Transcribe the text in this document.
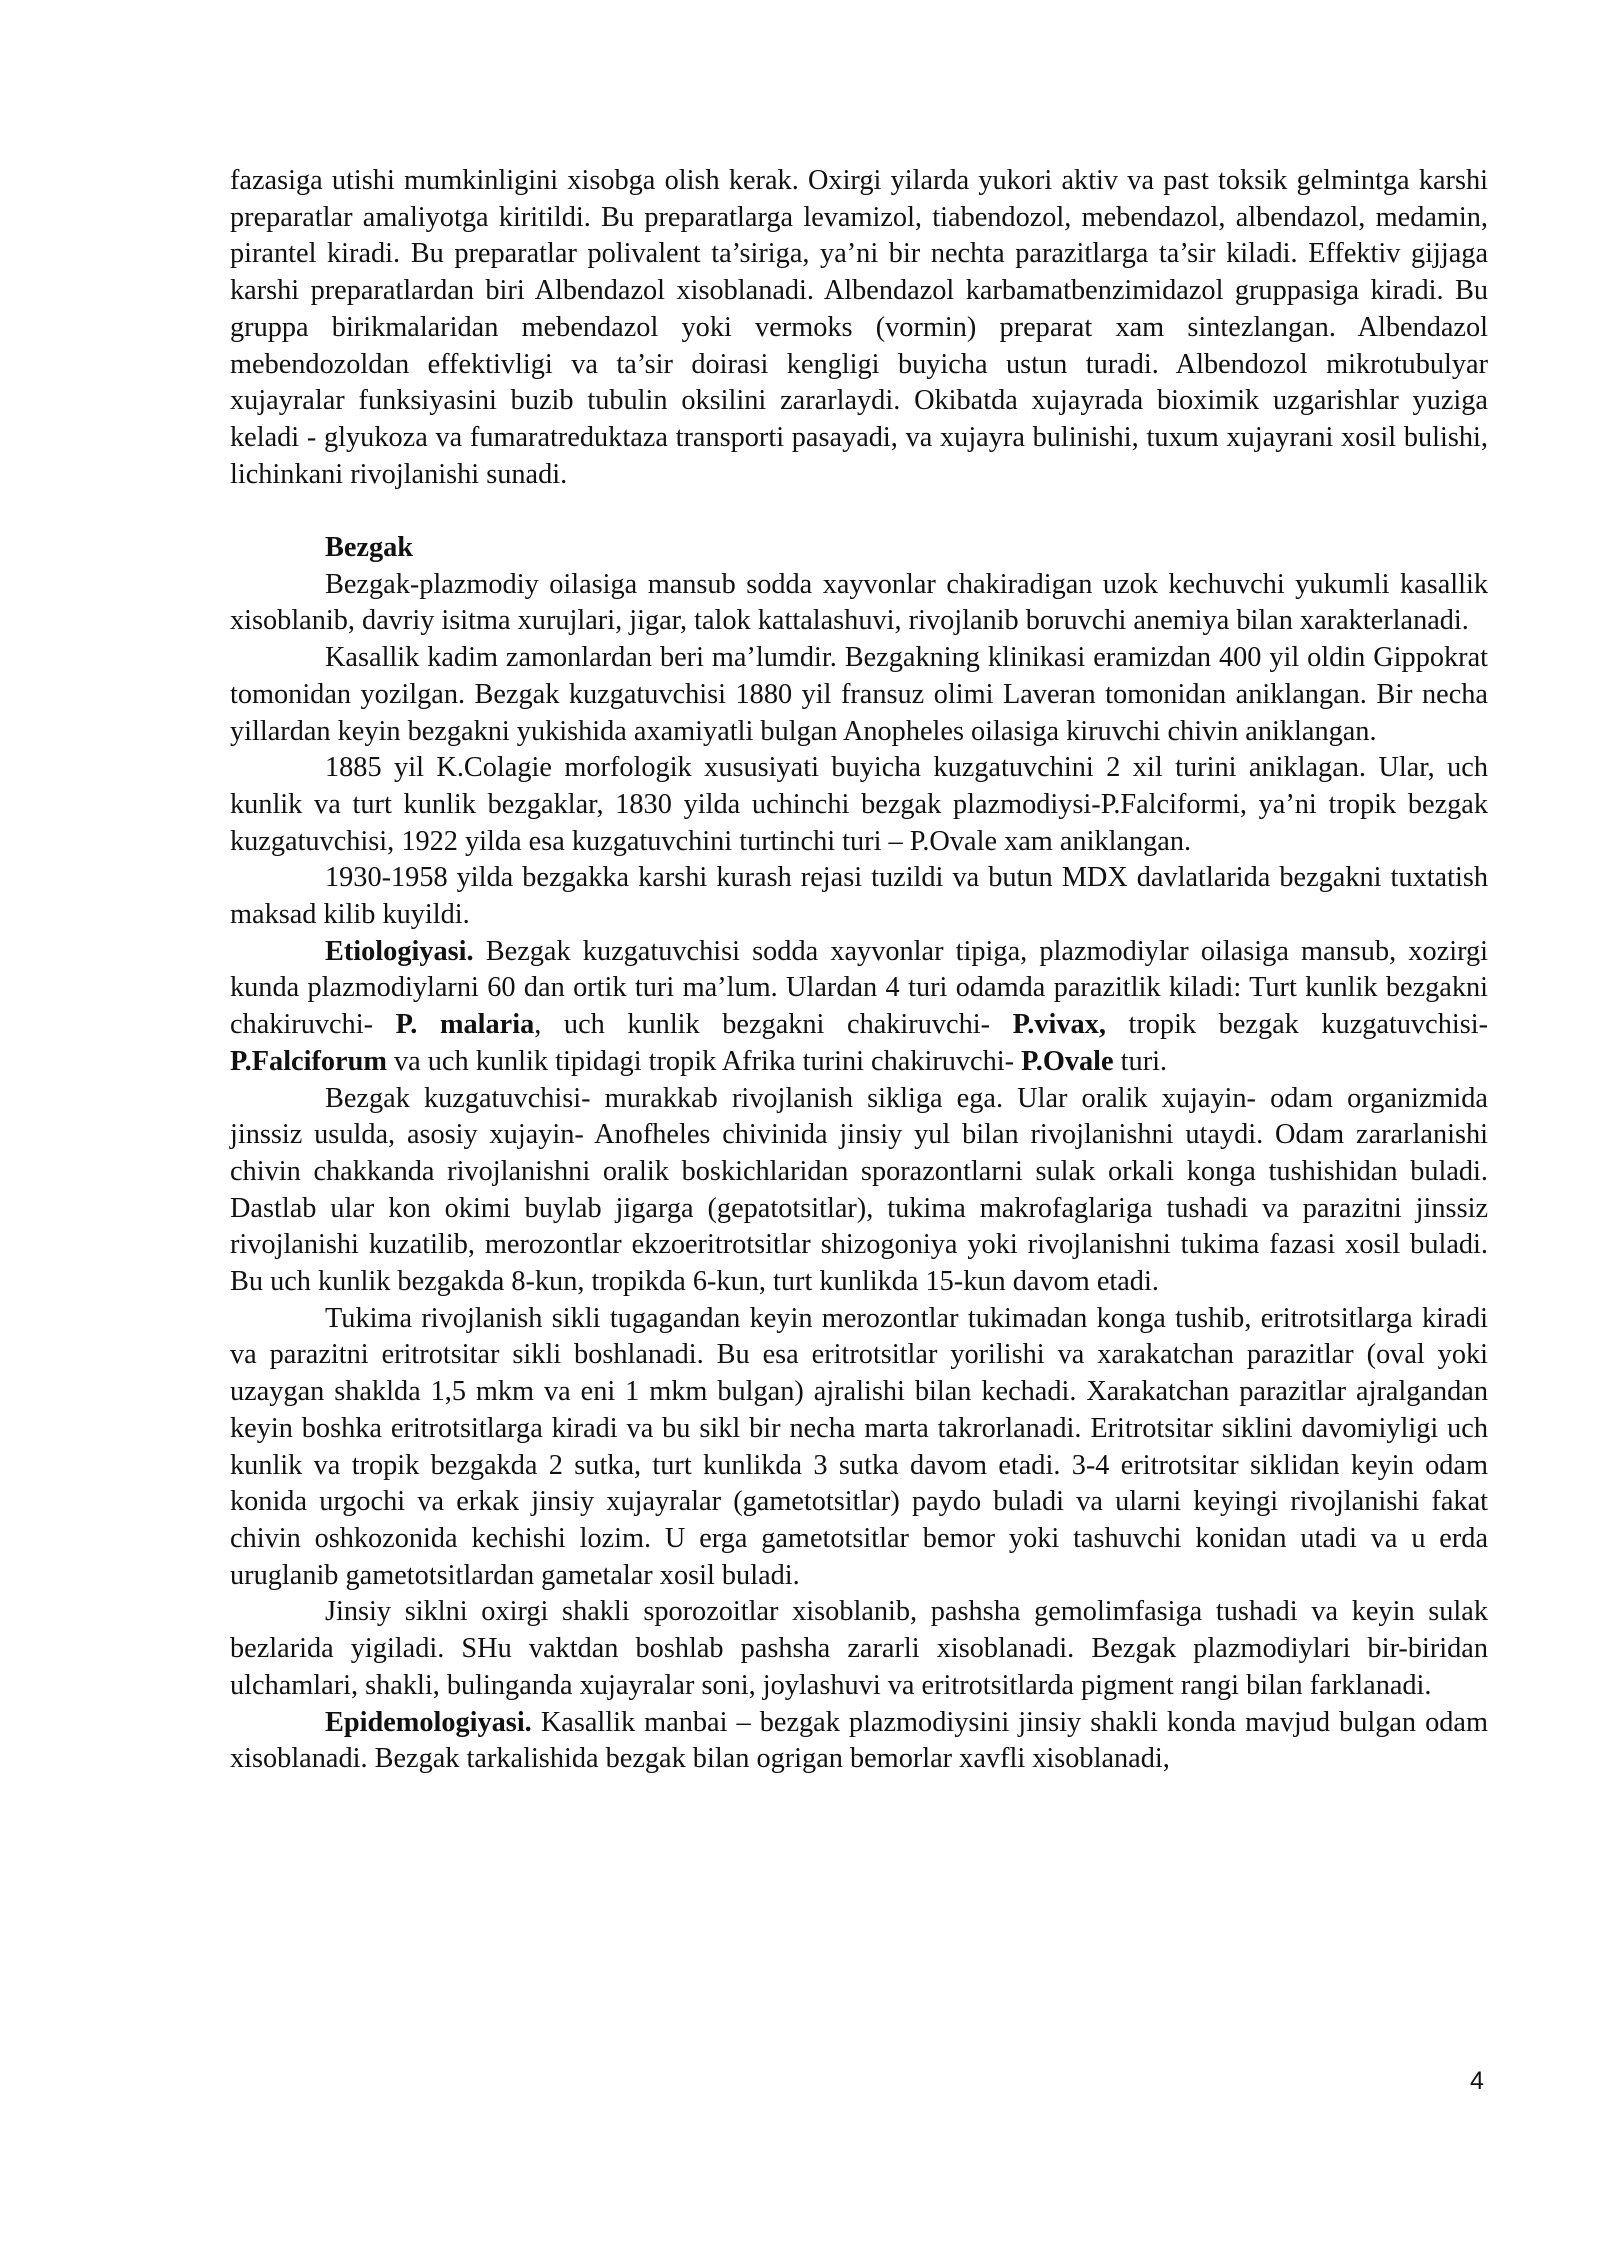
fazasiga utishi mumkinligini xisobga olish kerak. Oxirgi yilarda yukori aktiv va past toksik gelmintga karshi preparatlar amaliyotga kiritildi. Bu preparatlarga levamizol, tiabendozol, mebendazol, albendazol, medamin, pirantel kiradi. Bu preparatlar polivalent ta’siriga, ya’ni bir nechta parazitlarga ta’sir kiladi. Effektiv gijjaga karshi preparatlardan biri Albendazol xisoblanadi. Albendazol karbamatbenzimidazol gruppasiga kiradi. Bu gruppa birikmalaridan mebendazol yoki vermoks (vormin) preparat xam sintezlangan. Albendazol mebendozoldan effektivligi va ta’sir doirasi kengligi buyicha ustun turadi. Albendozol mikrotubulyar xujayralar funksiyasini buzib tubulin oksilini zararlaydi. Okibatda xujayrada bioximik uzgarishlar yuziga keladi - glyukoza va fumaratreduktaza transporti pasayadi, va xujayra bulinishi, tuxum xujayrani xosil bulishi, lichinkani rivojlanishi sunadi.

Bezgak

Bezgak-plazmodiy oilasiga mansub sodda xayvonlar chakiradigan uzok kechuvchi yukumli kasallik xisoblanib, davriy isitma xurujlari, jigar, talok kattalashuvi, rivojlanib boruvchi anemiya bilan xarakterlanadi.

Kasallik kadim zamonlardan beri ma’lumdir. Bezgakning klinikasi eramizdan 400 yil oldin Gippokrat tomonidan yozilgan. Bezgak kuzgatuvchisi 1880 yil fransuz olimi Laveran tomonidan aniklangan. Bir necha yillardan keyin bezgakni yukishida axamiyatli bulgan Anopheles oilasiga kiruvchi chivin aniklangan.

1885 yil K.Colagie morfologik xususiyati buyicha kuzgatuvchini 2 xil turini aniklagan. Ular, uch kunlik va turt kunlik bezgaklar, 1830 yilda uchinchi bezgak plazmodiysi-P.Falciformi, ya’ni tropik bezgak kuzgatuvchisi, 1922 yilda esa kuzgatuvchini turtinchi turi – P.Ovale xam aniklangan.

1930-1958 yilda bezgakka karshi kurash rejasi tuzildi va butun MDX davlatlarida bezgakni tuxtatish maksad kilib kuyildi.

Etiologiyasi. Bezgak kuzgatuvchisi sodda xayvonlar tipiga, plazmodiylar oilasiga mansub, xozirgi kunda plazmodiylarni 60 dan ortik turi ma’lum. Ulardan 4 turi odamda parazitlik kiladi: Turt kunlik bezgakni chakiruvchi- P. malaria, uch kunlik bezgakni chakiruvchi- P.vivax, tropik bezgak kuzgatuvchisi-P.Falciforum va uch kunlik tipidagi tropik Afrika turini chakiruvchi- P.Ovale turi.

Bezgak kuzgatuvchisi- murakkab rivojlanish sikliga ega. Ular oralik xujayin- odam organizmida jinssiz usulda, asosiy xujayin- Anofheles chivinida jinsiy yul bilan rivojlanishni utaydi. Odam zararlanishi chivin chakkanda rivojlanishni oralik boskichlaridan sporazontlarni sulak orkali konga tushishidan buladi. Dastlab ular kon okimi buylab jigarga (gepatotsitlar), tukima makrofaglariga tushadi va parazitni jinssiz rivojlanishi kuzatilib, merozontlar ekzoeritrotsitlar shizogoniya yoki rivojlanishni tukima fazasi xosil buladi. Bu uch kunlik bezgakda 8-kun, tropikda 6-kun, turt kunlikda 15-kun davom etadi.

Tukima rivojlanish sikli tugagandan keyin merozontlar tukimadan konga tushib, eritrotsitlarga kiradi va parazitni eritrotsitar sikli boshlanadi. Bu esa eritrotsitlar yorilishi va xarakatchan parazitlar (oval yoki uzaygan shaklda 1,5 mkm va eni 1 mkm bulgan) ajralishi bilan kechadi. Xarakatchan parazitlar ajralgandan keyin boshka eritrotsitlarga kiradi va bu sikl bir necha marta takrorlanadi. Eritrotsitar siklini davomiyligi uch kunlik va tropik bezgakda 2 sutka, turt kunlikda 3 sutka davom etadi. 3-4 eritrotsitar siklidan keyin odam konida urgochi va erkak jinsiy xujayralar (gametotsitlar) paydo buladi va ularni keyingi rivojlanishi fakat chivin oshkozonida kechishi lozim. U erga gametotsitlar bemor yoki tashuvchi konidan utadi va u erda uruglanib gametotsitlardan gametalar xosil buladi.

Jinsiy siklni oxirgi shakli sporozoitlar xisoblanib, pashsha gemolimfasiga tushadi va keyin sulak bezlarida yigiladi. SHu vaktdan boshlab pashsha zararli xisoblanadi. Bezgak plazmodiylari bir-biridan ulchamlari, shakli, bulinganda xujayralar soni, joylashuvi va eritrotsitlarda pigment rangi bilan farklanadi.

Epidemologiyasi. Kasallik manbai – bezgak plazmodiysini jinsiy shakli konda mavjud bulgan odam xisoblanadi. Bezgak tarkalishida bezgak bilan ogrigan bemorlar xavfli xisoblanadi,

4
